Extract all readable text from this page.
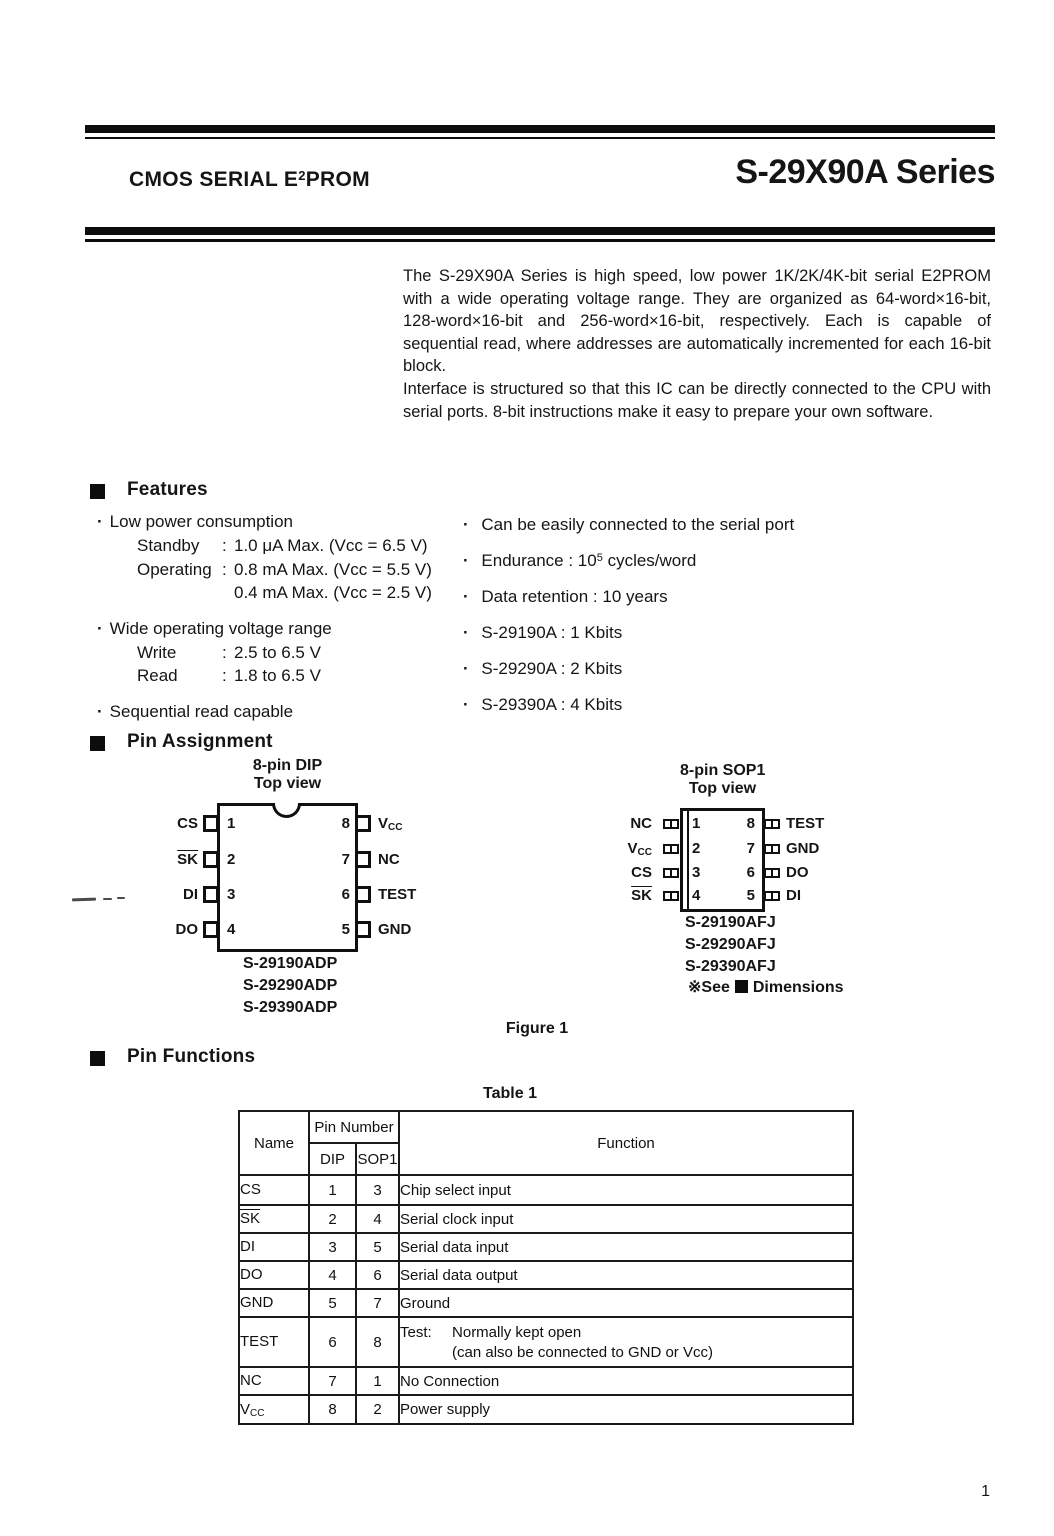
CMOS SERIAL $E^2PROM$	S-29X90A Series

The S-29X90A Series is high speed, low power 1K/2K/4K-bit serial E2PROM with a wide operating voltage range. They are organized as 64-word×16-bit, 128-word×16-bit and 256-word×16-bit, respectively. Each is capable of sequential read, where addresses are automatically incremented for each 16-bit block.

Interface is structured so that this IC can be directly connected to the CPU with serial ports. 8-bit instructions make it easy to prepare your own software.

Features
· Low power consumption
Standby : 1.0 μA Max. (Vcc = 6.5 V)
Operating : 0.8 mA Max. (Vcc = 5.5 V)
0.4 mA Max. (Vcc = 2.5 V)
· Wide operating voltage range
Write	: 2.5 to 6.5 V
Read	: 1.8 to 6.5 V
· Sequential read capable
· Can be easily connected to the serial port
· Endurance : $10^5$ cycles/word
· Data retention : 10 years
· S-29190A : 1 Kbits
· S-29290A : 2 Kbits
· S-29390A : 4 Kbits
Pin Assignment
8-pin DIP
Top view
CS 1	8 VCC
$\overline{SK}$ 2	7 NC
DI 3	6 TEST
DO 4	5 GND
S-29190ADP
S-29290ADP
S-29390ADP
8-pin SOP1
Top view
NC	1	8 TEST
VCC	2	7 GND
CS	3	6 DO
$\overline{SK}$	4	5 DI
S-29190AFJ
S-29290AFJ
S-29390AFJ
※See Dimensions
Figure 1
Pin Functions
Table 1
Name	Pin Number		Function
	DIP	SOP1	
CS	1	3	Chip select input
$\overline{SK}$	2	4	Serial clock input
DI	3	5	Serial data input
DO	4	6	Serial data output
GND	5	7	Ground
TEST	6	8	Test: Normally kept open
(can also be connected to GND or Vcc)

NC	7	1	No Connection
VCC	8	2	Power supply
1
